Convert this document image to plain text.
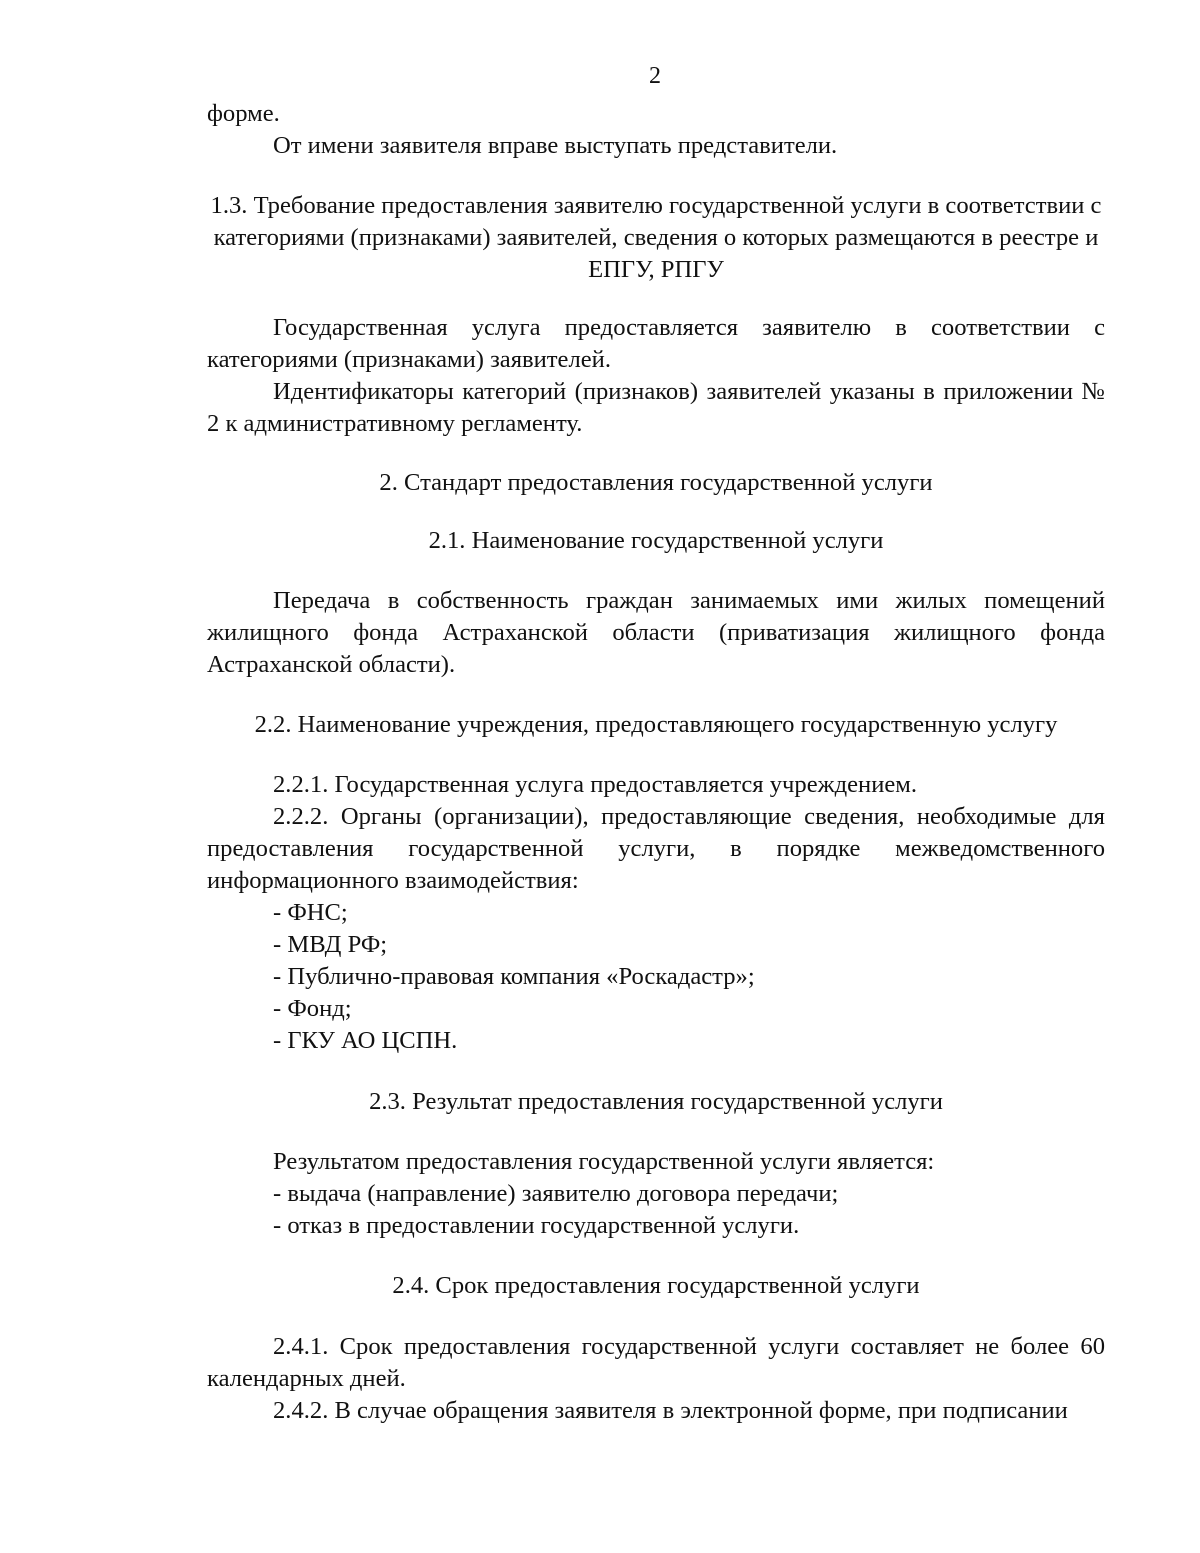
2

форме.

От имени заявителя вправе выступать представители.

1.3. Требование предоставления заявителю государственной услуги в соответствии с категориями (признаками) заявителей, сведения о которых размещаются в реестре и ЕПГУ, РПГУ

Государственная услуга предоставляется заявителю в соответствии с категориями (признаками) заявителей.

Идентификаторы категорий (признаков) заявителей указаны в приложении № 2 к административному регламенту.

2. Стандарт предоставления государственной услуги

2.1. Наименование государственной услуги

Передача в собственность граждан занимаемых ими жилых помещений жилищного фонда Астраханской области (приватизация жилищного фонда Астраханской области).

2.2. Наименование учреждения, предоставляющего государственную услугу

2.2.1. Государственная услуга предоставляется учреждением.

2.2.2. Органы (организации), предоставляющие сведения, необходимые для предоставления государственной услуги, в порядке межведомственного информационного взаимодействия:

- ФНС;

- МВД РФ;

- Публично-правовая компания «Роскадастр»;

- Фонд;

- ГКУ АО ЦСПН.

2.3. Результат предоставления государственной услуги

Результатом предоставления государственной услуги является:

- выдача (направление) заявителю договора передачи;

- отказ в предоставлении государственной услуги.

2.4. Срок предоставления государственной услуги

2.4.1. Срок предоставления государственной услуги составляет не более 60 календарных дней.

2.4.2. В случае обращения заявителя в электронной форме, при подписании
